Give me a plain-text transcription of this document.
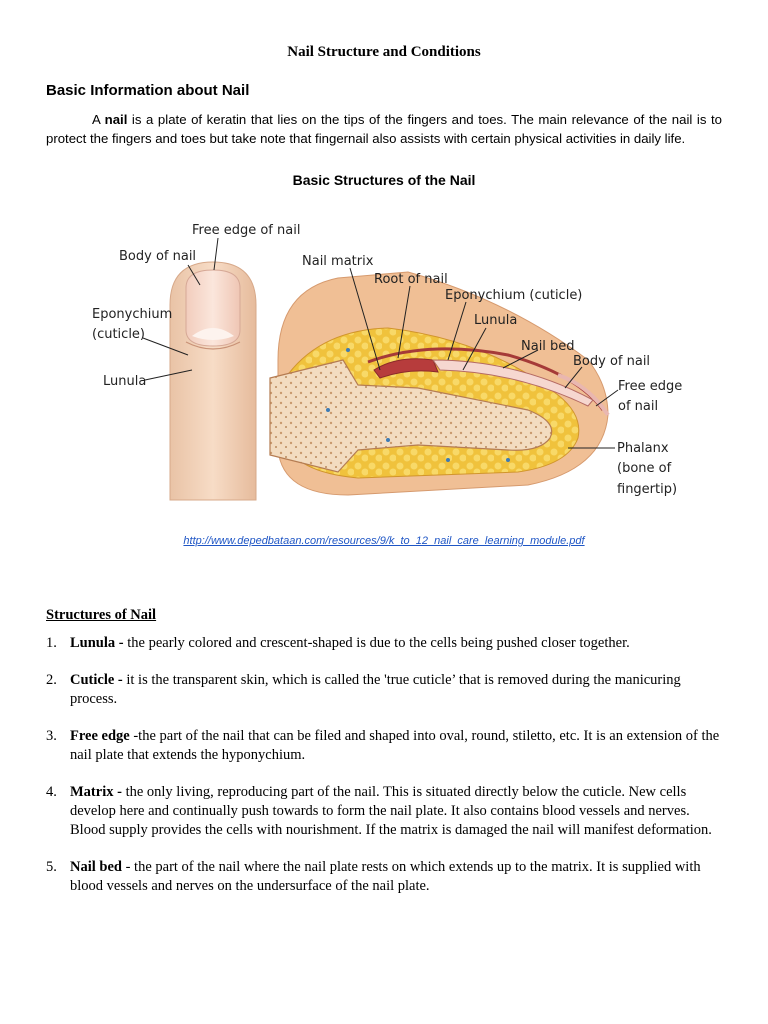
Nail Structure and Conditions
Basic Information about Nail

A nail is a plate of keratin that lies on the tips of the fingers and toes. The main relevance of the nail is to protect the fingers and toes but take note that fingernail also assists with certain physical activities in daily life.

Basic Structures of the Nail
Free edge of nail
Body of nail
Eponychium
(cuticle)
Lunula
Nail matrix
Root of nail
Eponychium (cuticle)
Lunula
Nail bed
Body of nail
Free edge
of nail
Phalanx
(bone of
fingertip)
http://www.depedbataan.com/resources/9/k_to_12_nail_care_learning_module.pdf
Structures of Nail
1. Lunula - the pearly colored and crescent-shaped is due to the cells being pushed closer together.
2. Cuticle - it is the transparent skin, which is called the 'true cuticle’ that is removed during the manicuring process.
3. Free edge -the part of the nail that can be filed and shaped into oval, round, stiletto, etc. It is an extension of the nail plate that extends the hyponychium.
4. Matrix - the only living, reproducing part of the nail. This is situated directly below the cuticle. New cells develop here and continually push towards to form the nail plate. It also contains blood vessels and nerves. Blood supply provides the cells with nourishment. If the matrix is damaged the nail will manifest deformation.
5. Nail bed - the part of the nail where the nail plate rests on which extends up to the matrix. It is supplied with blood vessels and nerves on the undersurface of the nail plate.
